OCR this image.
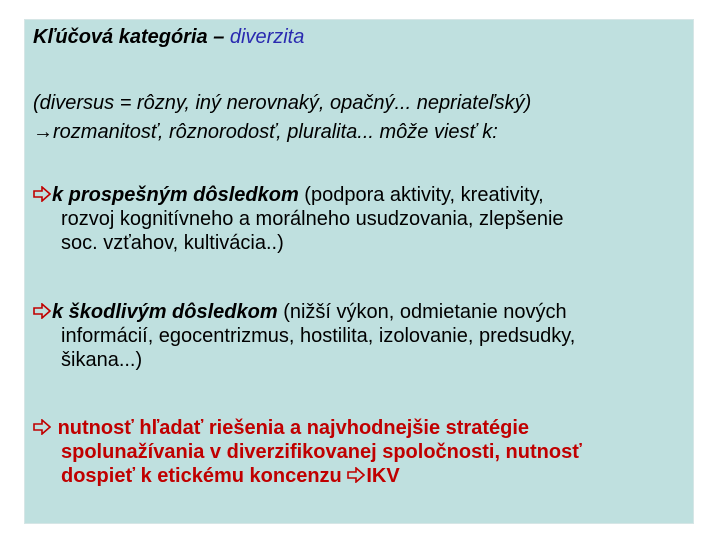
Kľúčová kategória – diverzita
(diversus = rôzny, iný nerovnaký, opačný... nepriateľský)
→rozmanitosť, rôznorodosť, pluralita... môže viesť k:
k prospešným dôsledkom (podpora aktivity, kreativity,
rozvoj kognitívneho a morálneho usudzovania, zlepšenie
soc. vzťahov, kultivácia..)
k škodlivým dôsledkom (nižší výkon, odmietanie nových
informácií, egocentrizmus, hostilita, izolovanie, predsudky,
šikana...)
nutnosť hľadať riešenia a najvhodnejšie stratégie
spolunažívania v diverzifikovanej spoločnosti, nutnosť
dospieť k etickému koncenzu IKV
